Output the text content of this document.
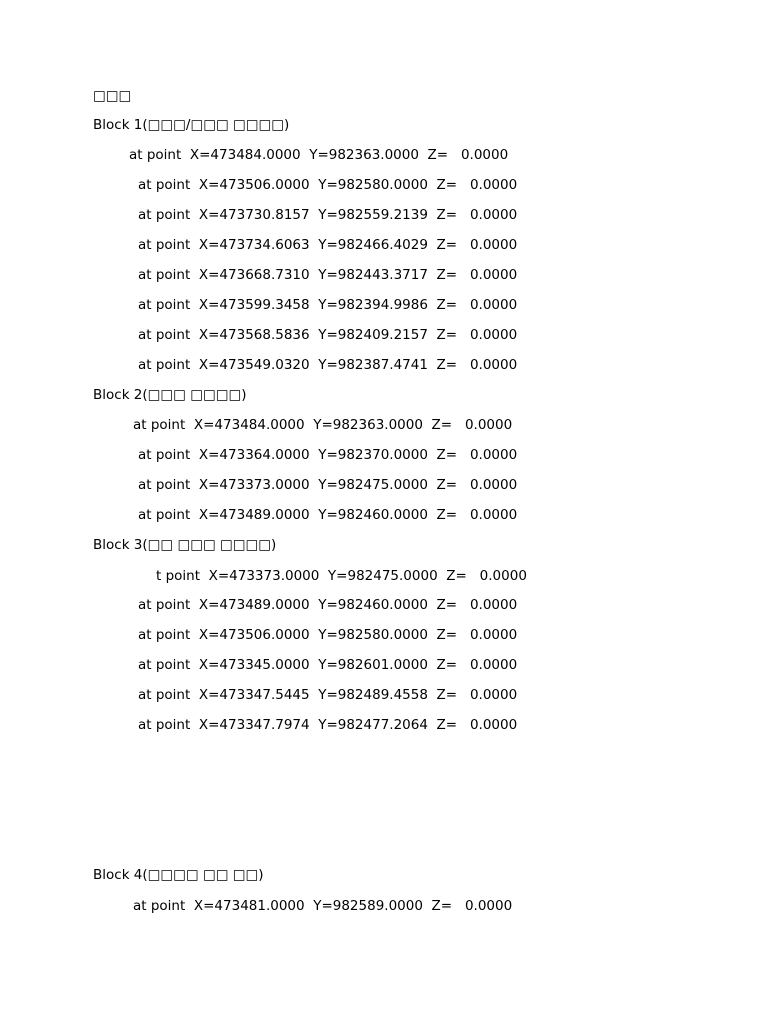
□□□
Block 1(□□□/□□□ □□□□)
at point  X=473484.0000  Y=982363.0000  Z=   0.0000
at point  X=473506.0000  Y=982580.0000  Z=   0.0000
at point  X=473730.8157  Y=982559.2139  Z=   0.0000
at point  X=473734.6063  Y=982466.4029  Z=   0.0000
at point  X=473668.7310  Y=982443.3717  Z=   0.0000
at point  X=473599.3458  Y=982394.9986  Z=   0.0000
at point  X=473568.5836  Y=982409.2157  Z=   0.0000
at point  X=473549.0320  Y=982387.4741  Z=   0.0000
Block 2(□□□ □□□□)
at point  X=473484.0000  Y=982363.0000  Z=   0.0000
at point  X=473364.0000  Y=982370.0000  Z=   0.0000
at point  X=473373.0000  Y=982475.0000  Z=   0.0000
at point  X=473489.0000  Y=982460.0000  Z=   0.0000
Block 3(□□ □□□ □□□□)
t point  X=473373.0000  Y=982475.0000  Z=   0.0000
at point  X=473489.0000  Y=982460.0000  Z=   0.0000
at point  X=473506.0000  Y=982580.0000  Z=   0.0000
at point  X=473345.0000  Y=982601.0000  Z=   0.0000
at point  X=473347.5445  Y=982489.4558  Z=   0.0000
at point  X=473347.7974  Y=982477.2064  Z=   0.0000
Block 4(□□□□ □□ □□)
at point  X=473481.0000  Y=982589.0000  Z=   0.0000
